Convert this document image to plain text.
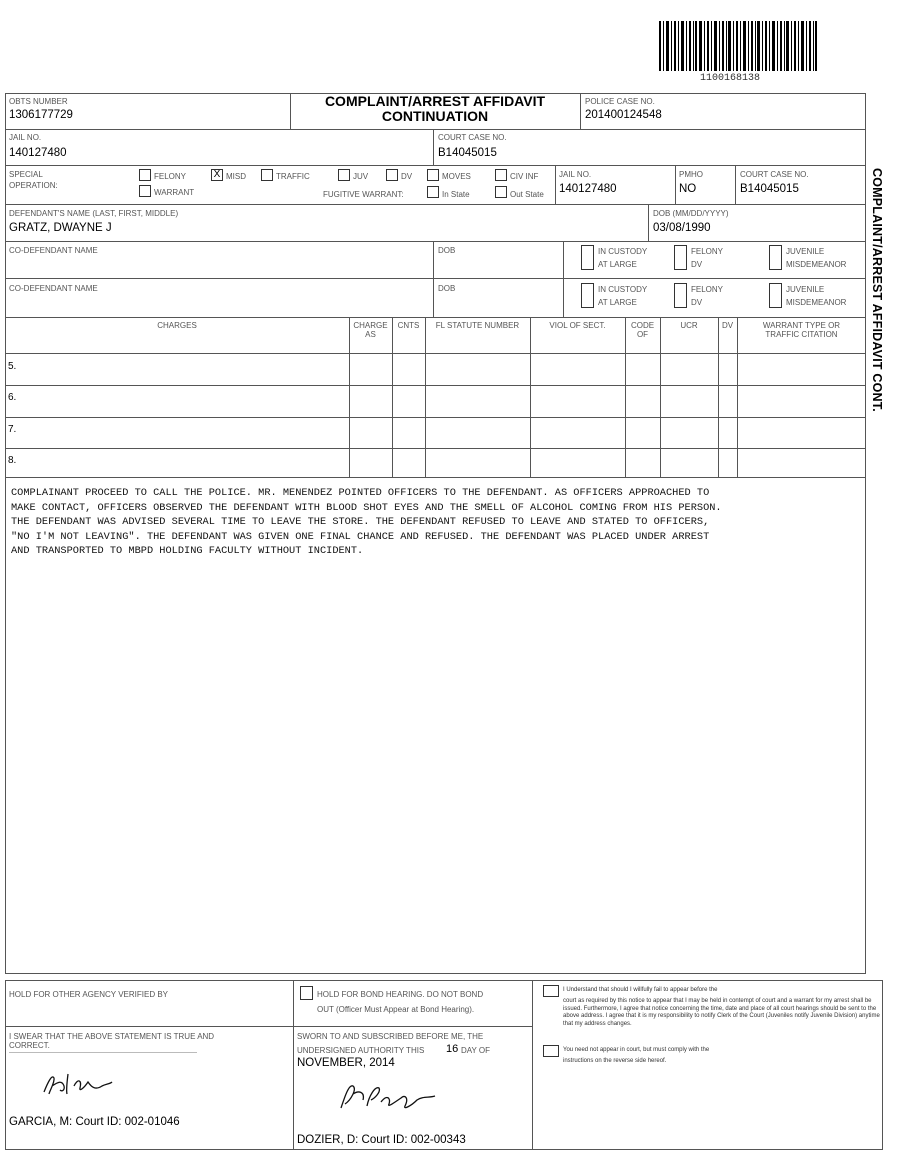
1100168138
COMPLAINT/ARREST AFFIDAVIT CONT.
OBTS NUMBER
1306177729
COMPLAINT/ARREST AFFIDAVIT
CONTINUATION
POLICE CASE NO.
201400124548
JAIL NO.
140127480
COURT CASE NO.
B14045015
SPECIAL
OPERATION:
FELONY
WARRANT
X MISD	TRAFFIC	JUV	DV
FUGITIVE WARRANT:
MOVES
In State
CIV INF
Out State
JAIL NO.
140127480
PMHO
NO
COURT CASE NO.
B14045015
DEFENDANT'S NAME (LAST, FIRST, MIDDLE)
GRATZ, DWAYNE J
DOB (MM/DD/YYYY)
03/08/1990
CO-DEFENDANT NAME	DOB	IN CUSTODY
AT LARGE
FELONY
DV
JUVENILE
MISDEMEANOR
CO-DEFENDANT NAME	DOB	IN CUSTODY
AT LARGE
FELONY
DV
JUVENILE
MISDEMEANOR
CHARGES	CHARGE
AS
CNTS	FL STATUTE NUMBER	VIOL OF SECT.	CODE
OF
UCR	DV	WARRANT TYPE OR
TRAFFIC CITATION
5.
6.
7.
8.
COMPLAINANT PROCEED TO CALL THE POLICE. MR. MENENDEZ POINTED OFFICERS TO THE DEFENDANT. AS OFFICERS APPROACHED TO
MAKE CONTACT, OFFICERS OBSERVED THE DEFENDANT WITH BLOOD SHOT EYES AND THE SMELL OF ALCOHOL COMING FROM HIS PERSON.
THE DEFENDANT WAS ADVISED SEVERAL TIME TO LEAVE THE STORE. THE DEFENDANT REFUSED TO LEAVE AND STATED TO OFFICERS,
"NO I'M NOT LEAVING". THE DEFENDANT WAS GIVEN ONE FINAL CHANCE AND REFUSED. THE DEFENDANT WAS PLACED UNDER ARREST
AND TRANSPORTED TO MBPD HOLDING FACULTY WITHOUT INCIDENT.
HOLD FOR OTHER AGENCY VERIFIED BY	HOLD FOR BOND HEARING. DO NOT BOND
OUT (Officer Must Appear at Bond Hearing).
I SWEAR THAT THE ABOVE STATEMENT IS TRUE AND
CORRECT.
SWORN TO AND SUBSCRIBED BEFORE ME, THE
UNDERSIGNED AUTHORITY THIS 16 DAY OF
NOVEMBER, 2014
GARCIA, M: Court ID: 002-01046
DOZIER, D: Court ID: 002-00343
I Understand that should I willfully fail to appear before the
court as required by this notice to appear that I may be held in contempt of court and a warrant for my arrest shall be issued. Furthermore, I agree that notice concerning the time, date and place of all court hearings should be sent to the above address. I agree that it is my responsibility to notify Clerk of the Court (Juveniles notify Juvenile Division) anytime that my address changes.
You need not appear in court, but must comply with the
instructions on the reverse side hereof.
